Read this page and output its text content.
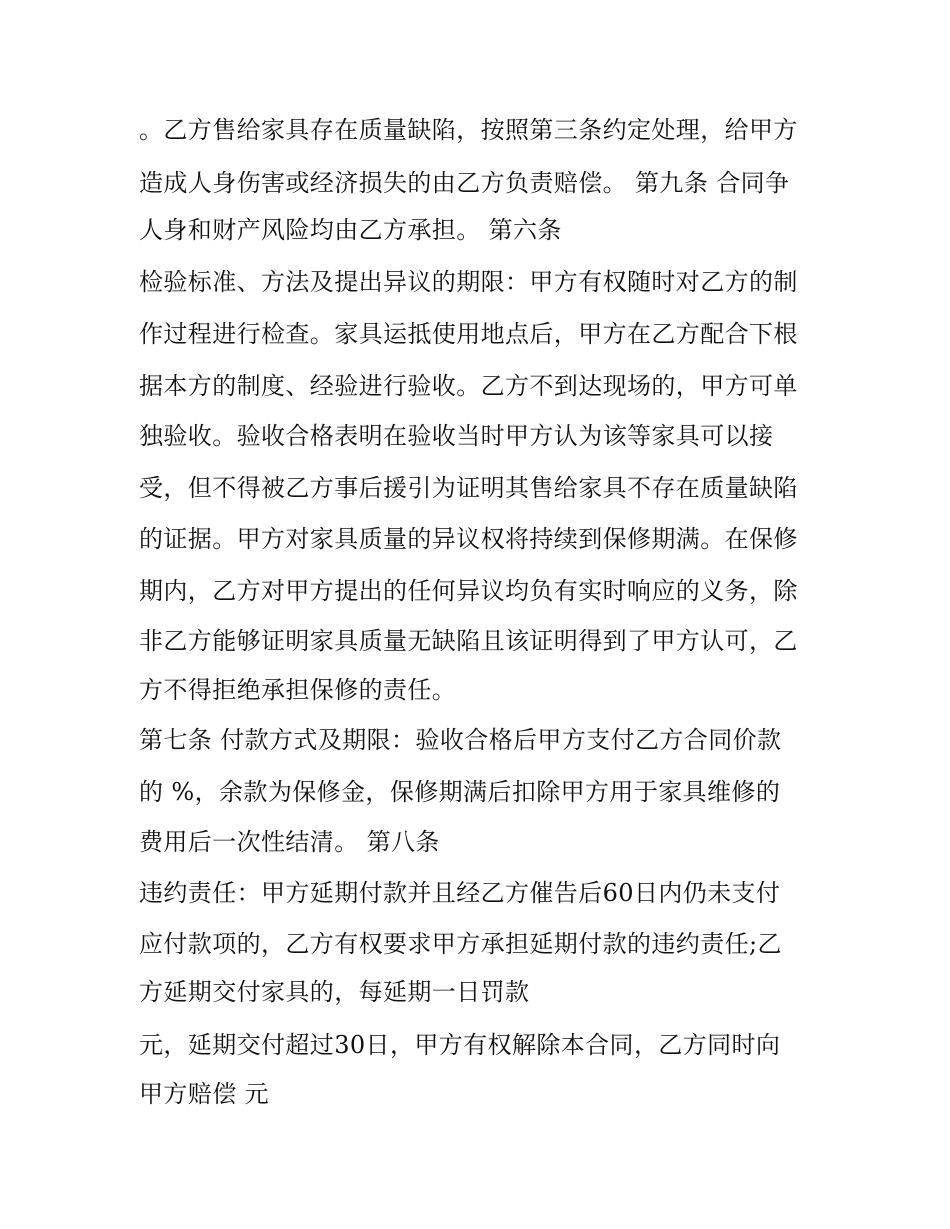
。乙方售给家具存在质量缺陷，按照第三条约定处理，给甲方
造成人身伤害或经济损失的由乙方负责赔偿。 第九条 合同争
人身和财产风险均由乙方承担。 第六条
检验标准、方法及提出异议的期限：甲方有权随时对乙方的制
作过程进行检查。家具运抵使用地点后，甲方在乙方配合下根
据本方的制度、经验进行验收。乙方不到达现场的，甲方可单
独验收。验收合格表明在验收当时甲方认为该等家具可以接
受，但不得被乙方事后援引为证明其售给家具不存在质量缺陷
的证据。甲方对家具质量的异议权将持续到保修期满。在保修
期内，乙方对甲方提出的任何异议均负有实时响应的义务，除
非乙方能够证明家具质量无缺陷且该证明得到了甲方认可，乙
方不得拒绝承担保修的责任。
第七条 付款方式及期限：验收合格后甲方支付乙方合同价款
的 %，余款为保修金，保修期满后扣除甲方用于家具维修的
费用后一次性结清。 第八条
违约责任：甲方延期付款并且经乙方催告后60日内仍未支付
应付款项的，乙方有权要求甲方承担延期付款的违约责任;乙
方延期交付家具的，每延期一日罚款
元，延期交付超过30日，甲方有权解除本合同，乙方同时向
甲方赔偿 元
